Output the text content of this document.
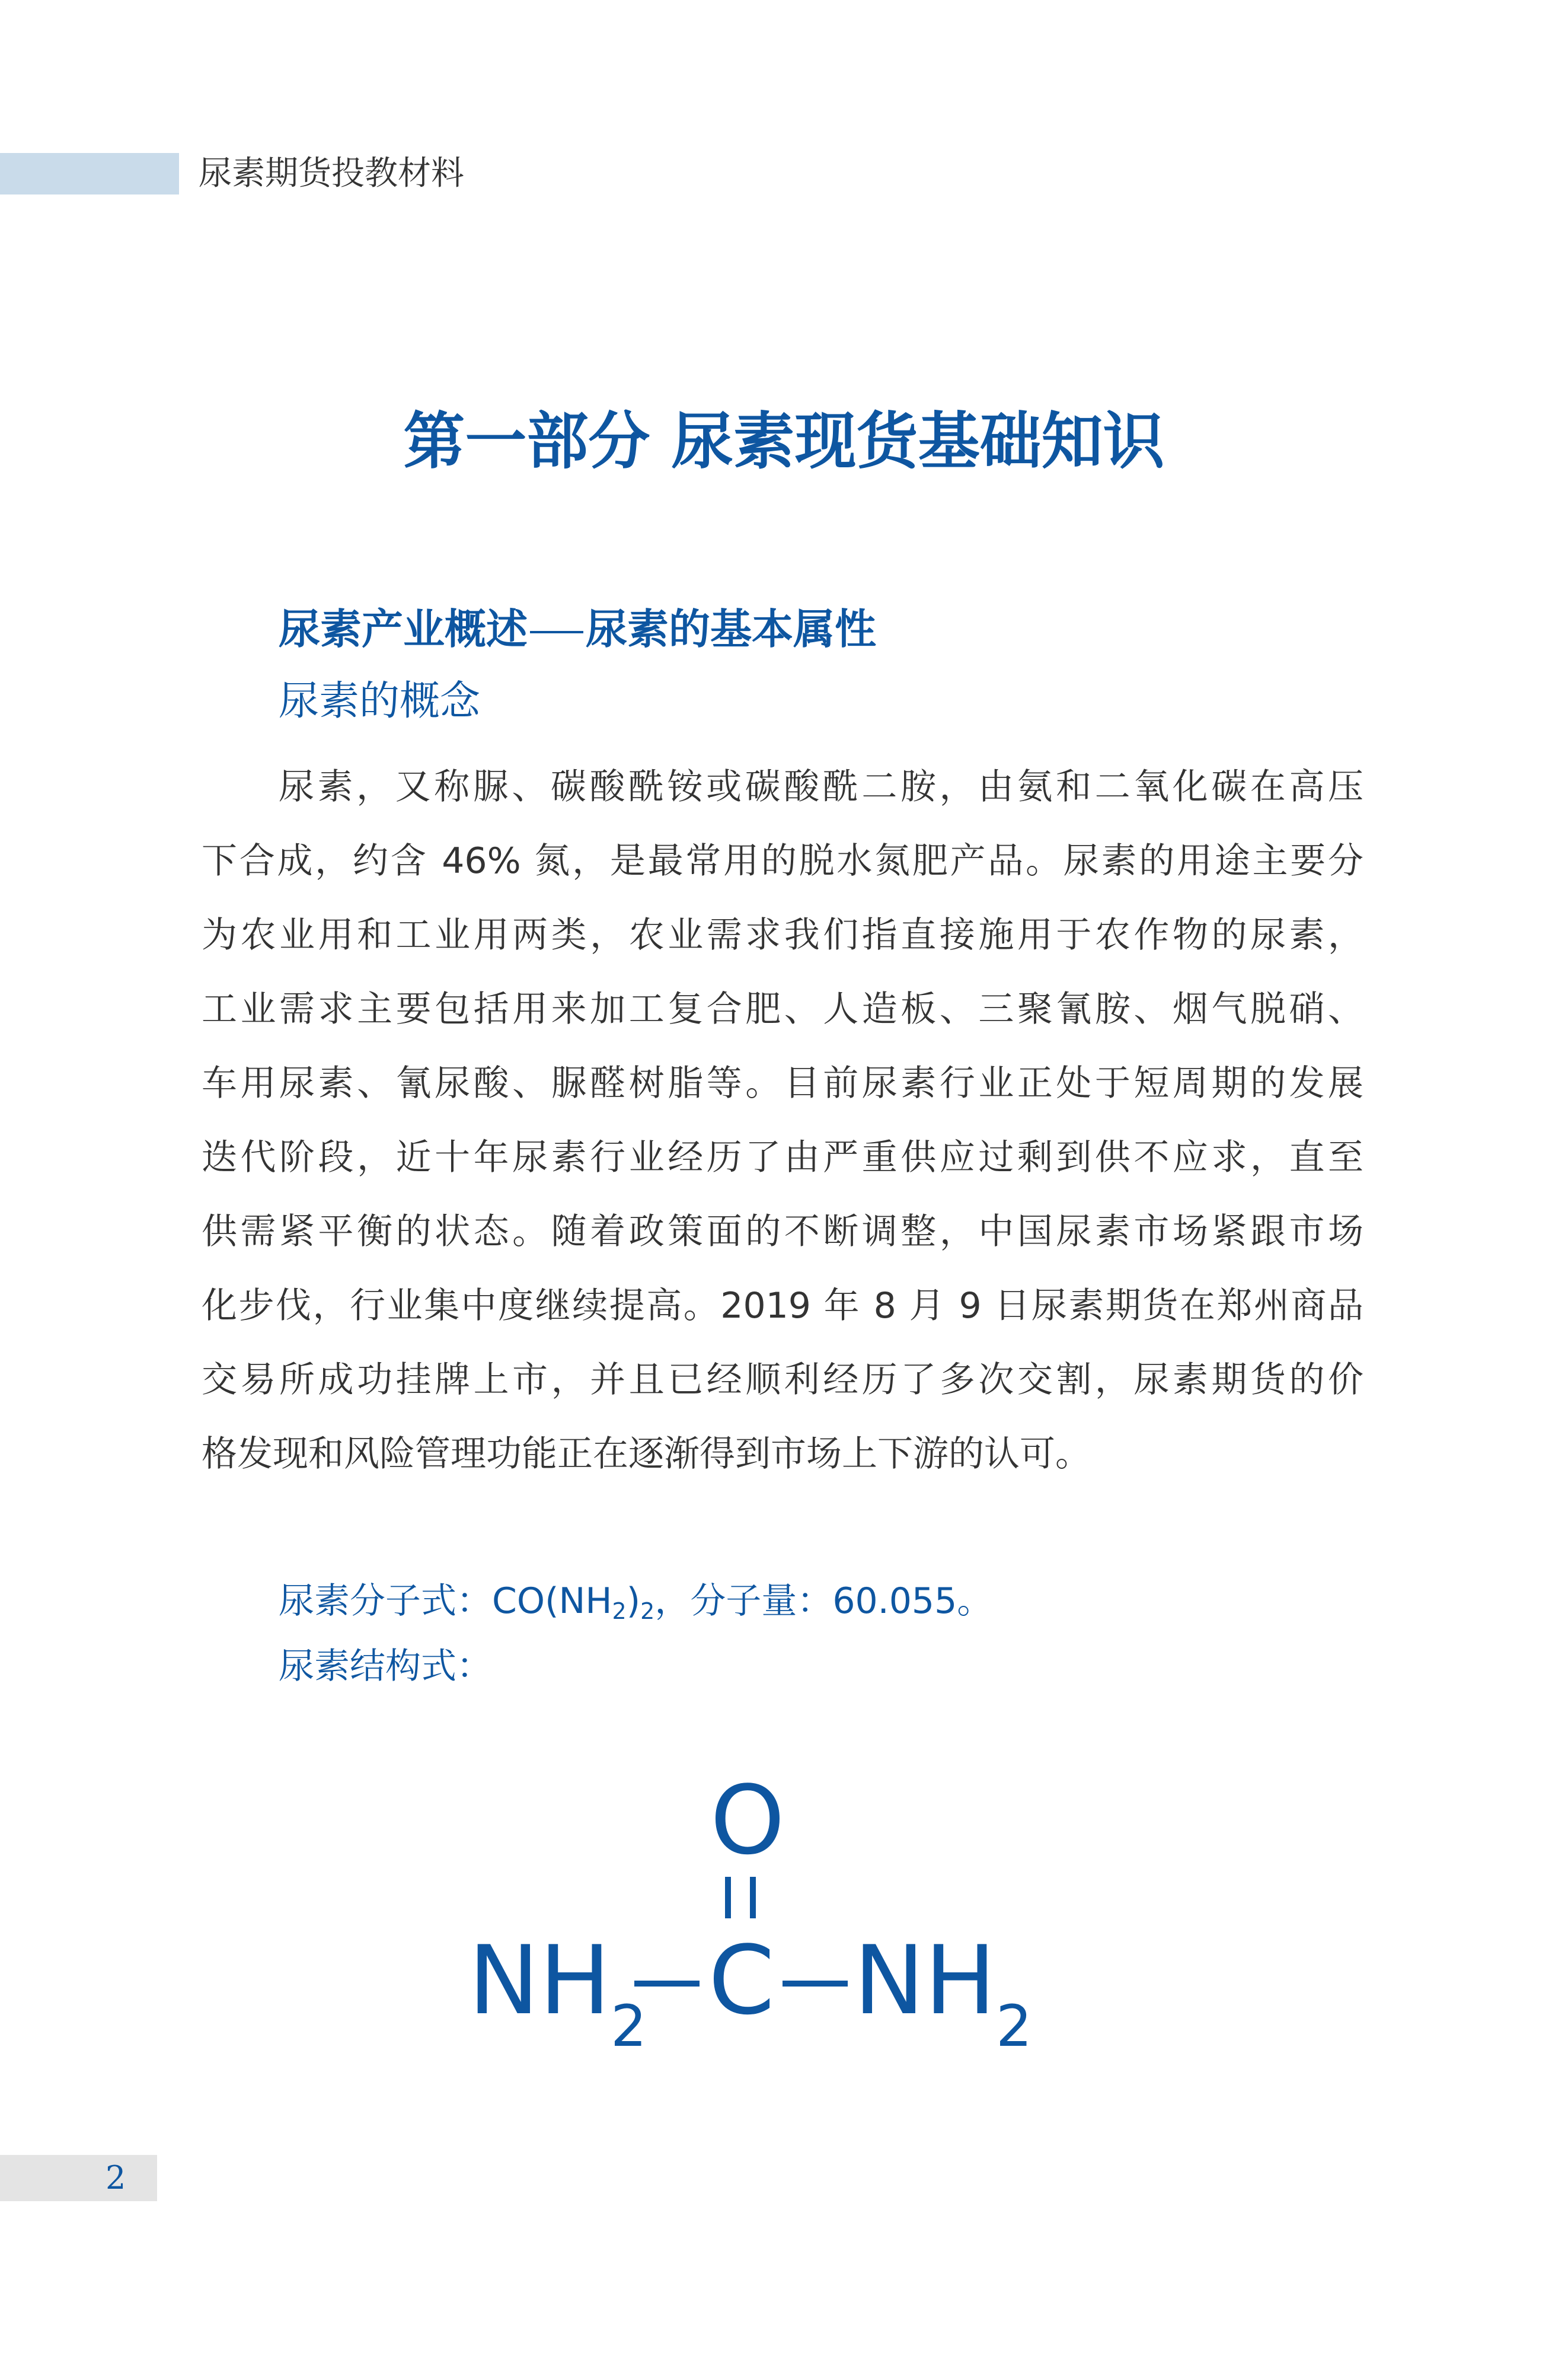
尿素期货投教材料
第一部分 尿素现货基础知识
尿素产业概述 尿素的基本属性
尿素的概念
尿素，又称脲、碳酸酰铵或碳酸酰二胺，由氨和二氧化碳在高压
下合成，约含 46% 氮，是最常用的脱水氮肥产品。尿素的用途主要分
为农业用和工业用两类，农业需求我们指直接施用于农作物的尿素，
工业需求主要包括用来加工复合肥、人造板、三聚氰胺、烟气脱硝、
车用尿素、氰尿酸、脲醛树脂等。目前尿素行业正处于短周期的发展
迭代阶段，近十年尿素行业经历了由严重供应过剩到供不应求，直至
供需紧平衡的状态。随着政策面的不断调整，中国尿素市场紧跟市场
化步伐，行业集中度继续提高。2019 年 8 月 9 日尿素期货在郑州商品
交易所成功挂牌上市，并且已经顺利经历了多次交割，尿素期货的价
格发现和风险管理功能正在逐渐得到市场上下游的认可。
尿素分子式：$CO(NH_2)_2$，分子量：60.055。
尿素结构式：
O
$NH_2$ C $NH_2$
2
